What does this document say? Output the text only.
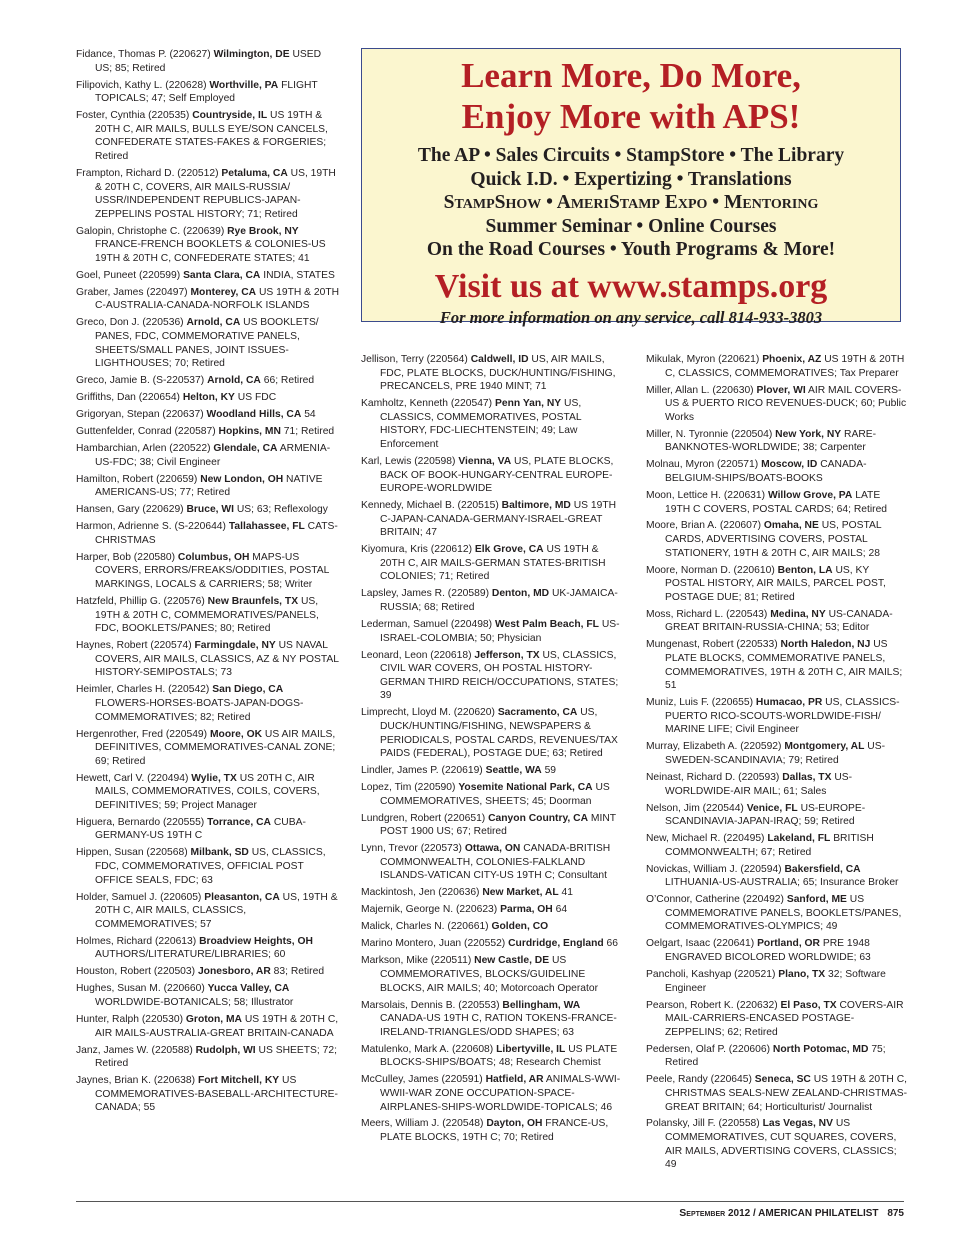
Learn More, Do More,
Enjoy More with APS!
The AP • Sales Circuits • StampStore • The Library
Quick I.D. • Expertizing • Translations
StampShow • AmeriStamp Expo • Mentoring
Summer Seminar • Online Courses
On the Road Courses • Youth Programs & More!
Visit us at www.stamps.org
For more information on any service, call 814-933-3803
Fidance, Thomas P. (220627) Wilmington, DE USED US; 85; Retired
Filipovich, Kathy L. (220628) Worthville, PA FLIGHT TOPICALS; 47; Self Employed
Foster, Cynthia (220535) Countryside, IL US 19TH & 20TH C, AIR MAILS, BULLS EYE/SON CANCELS, CONFEDERATE STATES-FAKES & FORGERIES; Retired
Frampton, Richard D. (220512) Petaluma, CA US, 19TH & 20TH C, COVERS, AIR MAILS-RUSSIA/ USSR/INDEPENDENT REPUBLICS-JAPAN-ZEPPELINS POSTAL HISTORY; 71; Retired
Galopin, Christophe C. (220639) Rye Brook, NY FRANCE-FRENCH BOOKLETS & COLONIES-US 19TH & 20TH C, CONFEDERATE STATES; 41
Goel, Puneet (220599) Santa Clara, CA INDIA, STATES
Graber, James (220497) Monterey, CA US 19TH & 20TH C-AUSTRALIA-CANADA-NORFOLK ISLANDS
Greco, Don J. (220536) Arnold, CA US BOOKLETS/ PANES, FDC, COMMEMORATIVE PANELS, SHEETS/SMALL PANES, JOINT ISSUES-LIGHTHOUSES; 70; Retired
Greco, Jamie B. (S-220537) Arnold, CA 66; Retired
Griffiths, Dan (220654) Helton, KY US FDC
Grigoryan, Stepan (220637) Woodland Hills, CA 54
Guttenfelder, Conrad (220587) Hopkins, MN 71; Retired
Hambarchian, Arlen (220522) Glendale, CA ARMENIA-US-FDC; 38; Civil Engineer
Hamilton, Robert (220659) New London, OH NATIVE AMERICANS-US; 77; Retired
Hansen, Gary (220629) Bruce, WI US; 63; Reflexology
Harmon, Adrienne S. (S-220644) Tallahassee, FL CATS-CHRISTMAS
Harper, Bob (220580) Columbus, OH MAPS-US COVERS, ERRORS/FREAKS/ODDITIES, POSTAL MARKINGS, LOCALS & CARRIERS; 58; Writer
Hatzfeld, Phillip G. (220576) New Braunfels, TX US, 19TH & 20TH C, COMMEMORATIVES/PANELS, FDC, BOOKLETS/PANES; 80; Retired
Haynes, Robert (220574) Farmingdale, NY US NAVAL COVERS, AIR MAILS, CLASSICS, AZ & NY POSTAL HISTORY-SEMIPOSTALS; 73
Heimler, Charles H. (220542) San Diego, CA FLOWERS-HORSES-BOATS-JAPAN-DOGS-COMMEMORATIVES; 82; Retired
Hergenrother, Fred (220549) Moore, OK US AIR MAILS, DEFINITIVES, COMMEMORATIVES-CANAL ZONE; 69; Retired
Hewett, Carl V. (220494) Wylie, TX US 20TH C, AIR MAILS, COMMEMORATIVES, COILS, COVERS, DEFINITIVES; 59; Project Manager
Higuera, Bernardo (220555) Torrance, CA CUBA-GERMANY-US 19TH C
Hippen, Susan (220568) Milbank, SD US, CLASSICS, FDC, COMMEMORATIVES, OFFICIAL POST OFFICE SEALS, FDC; 63
Holder, Samuel J. (220605) Pleasanton, CA US, 19TH & 20TH C, AIR MAILS, CLASSICS, COMMEMORATIVES; 57
Holmes, Richard (220613) Broadview Heights, OH AUTHORS/LITERATURE/LIBRARIES; 60
Houston, Robert (220503) Jonesboro, AR 83; Retired
Hughes, Susan M. (220660) Yucca Valley, CA WORLDWIDE-BOTANICALS; 58; Illustrator
Hunter, Ralph (220530) Groton, MA US 19TH & 20TH C, AIR MAILS-AUSTRALIA-GREAT BRITAIN-CANADA
Janz, James W. (220588) Rudolph, WI US SHEETS; 72; Retired
Jaynes, Brian K. (220638) Fort Mitchell, KY US COMMEMORATIVES-BASEBALL-ARCHITECTURE-CANADA; 55
Jellison, Terry (220564) Caldwell, ID US, AIR MAILS, FDC, PLATE BLOCKS, DUCK/HUNTING/FISHING, PRECANCELS, PRE 1940 MINT; 71
Kamholtz, Kenneth (220547) Penn Yan, NY US, CLASSICS, COMMEMORATIVES, POSTAL HISTORY, FDC-LIECHTENSTEIN; 49; Law Enforcement
Karl, Lewis (220598) Vienna, VA US, PLATE BLOCKS, BACK OF BOOK-HUNGARY-CENTRAL EUROPE-EUROPE-WORLDWIDE
Kennedy, Michael B. (220515) Baltimore, MD US 19TH C-JAPAN-CANADA-GERMANY-ISRAEL-GREAT BRITAIN; 47
Kiyomura, Kris (220612) Elk Grove, CA US 19TH & 20TH C, AIR MAILS-GERMAN STATES-BRITISH COLONIES; 71; Retired
Lapsley, James R. (220589) Denton, MD UK-JAMAICA-RUSSIA; 68; Retired
Lederman, Samuel (220498) West Palm Beach, FL US-ISRAEL-COLOMBIA; 50; Physician
Leonard, Leon (220618) Jefferson, TX US, CLASSICS, CIVIL WAR COVERS, OH POSTAL HISTORY-GERMAN THIRD REICH/OCCUPATIONS, STATES; 39
Limprecht, Lloyd M. (220620) Sacramento, CA US, DUCK/HUNTING/FISHING, NEWSPAPERS & PERIODICALS, POSTAL CARDS, REVENUES/TAX PAIDS (FEDERAL), POSTAGE DUE; 63; Retired
Lindler, James P. (220619) Seattle, WA 59
Lopez, Tim (220590) Yosemite National Park, CA US COMMEMORATIVES, SHEETS; 45; Doorman
Lundgren, Robert (220651) Canyon Country, CA MINT POST 1900 US; 67; Retired
Lynn, Trevor (220573) Ottawa, ON CANADA-BRITISH COMMONWEALTH, COLONIES-FALKLAND ISLANDS-VATICAN CITY-US 19TH C; Consultant
Mackintosh, Jen (220636) New Market, AL 41
Majernik, George N. (220623) Parma, OH 64
Malick, Charles N. (220661) Golden, CO
Marino Montero, Juan (220552) Curdridge, England 66
Markson, Mike (220511) New Castle, DE US COMMEMORATIVES, BLOCKS/GUIDELINE BLOCKS, AIR MAILS; 40; Motorcoach Operator
Marsolais, Dennis B. (220553) Bellingham, WA CANADA-US 19TH C, RATION TOKENS-FRANCE-IRELAND-TRIANGLES/ODD SHAPES; 63
Matulenko, Mark A. (220608) Libertyville, IL US PLATE BLOCKS-SHIPS/BOATS; 48; Research Chemist
McCulley, James (220591) Hatfield, AR ANIMALS-WWI-WWII-WAR ZONE OCCUPATION-SPACE-AIRPLANES-SHIPS-WORLDWIDE-TOPICALS; 46
Meers, William J. (220548) Dayton, OH FRANCE-US, PLATE BLOCKS, 19TH C; 70; Retired
Mikulak, Myron (220621) Phoenix, AZ US 19TH & 20TH C, CLASSICS, COMMEMORATIVES; Tax Preparer
Miller, Allan L. (220630) Plover, WI AIR MAIL COVERS-US & PUERTO RICO REVENUES-DUCK; 60; Public Works
Miller, N. Tyronnie (220504) New York, NY RARE-BANKNOTES-WORLDWIDE; 38; Carpenter
Molnau, Myron (220571) Moscow, ID CANADA-BELGIUM-SHIPS/BOATS-BOOKS
Moon, Lettice H. (220631) Willow Grove, PA LATE 19TH C COVERS, POSTAL CARDS; 64; Retired
Moore, Brian A. (220607) Omaha, NE US, POSTAL CARDS, ADVERTISING COVERS, POSTAL STATIONERY, 19TH & 20TH C, AIR MAILS; 28
Moore, Norman D. (220610) Benton, LA US, KY POSTAL HISTORY, AIR MAILS, PARCEL POST, POSTAGE DUE; 81; Retired
Moss, Richard L. (220543) Medina, NY US-CANADA-GREAT BRITAIN-RUSSIA-CHINA; 53; Editor
Mungenast, Robert (220533) North Haledon, NJ US PLATE BLOCKS, COMMEMORATIVE PANELS, COMMEMORATIVES, 19TH & 20TH C, AIR MAILS; 51
Muniz, Luis F. (220655) Humacao, PR US, CLASSICS-PUERTO RICO-SCOUTS-WORLDWIDE-FISH/ MARINE LIFE; Civil Engineer
Murray, Elizabeth A. (220592) Montgomery, AL US-SWEDEN-SCANDINAVIA; 79; Retired
Neinast, Richard D. (220593) Dallas, TX US-WORLDWIDE-AIR MAIL; 61; Sales
Nelson, Jim (220544) Venice, FL US-EUROPE-SCANDINAVIA-JAPAN-IRAQ; 59; Retired
New, Michael R. (220495) Lakeland, FL BRITISH COMMONWEALTH; 67; Retired
Novickas, William J. (220594) Bakersfield, CA LITHUANIA-US-AUSTRALIA; 65; Insurance Broker
O’Connor, Catherine (220492) Sanford, ME US COMMEMORATIVE PANELS, BOOKLETS/PANES, COMMEMORATIVES-OLYMPICS; 49
Oelgart, Isaac (220641) Portland, OR PRE 1948 ENGRAVED BICOLORED WORLDWIDE; 63
Pancholi, Kashyap (220521) Plano, TX 32; Software Engineer
Pearson, Robert K. (220632) El Paso, TX COVERS-AIR MAIL-CARRIERS-ENCASED POSTAGE-ZEPPELINS; 62; Retired
Pedersen, Olaf P. (220606) North Potomac, MD 75; Retired
Peele, Randy (220645) Seneca, SC US 19TH & 20TH C, CHRISTMAS SEALS-NEW ZEALAND-CHRISTMAS-GREAT BRITAIN; 64; Horticulturist/ Journalist
Polansky, Jill F. (220558) Las Vegas, NV US COMMEMORATIVES, CUT SQUARES, COVERS, AIR MAILS, ADVERTISING COVERS, CLASSICS; 49
September 2012 / AMERICAN PHILATELIST 875
